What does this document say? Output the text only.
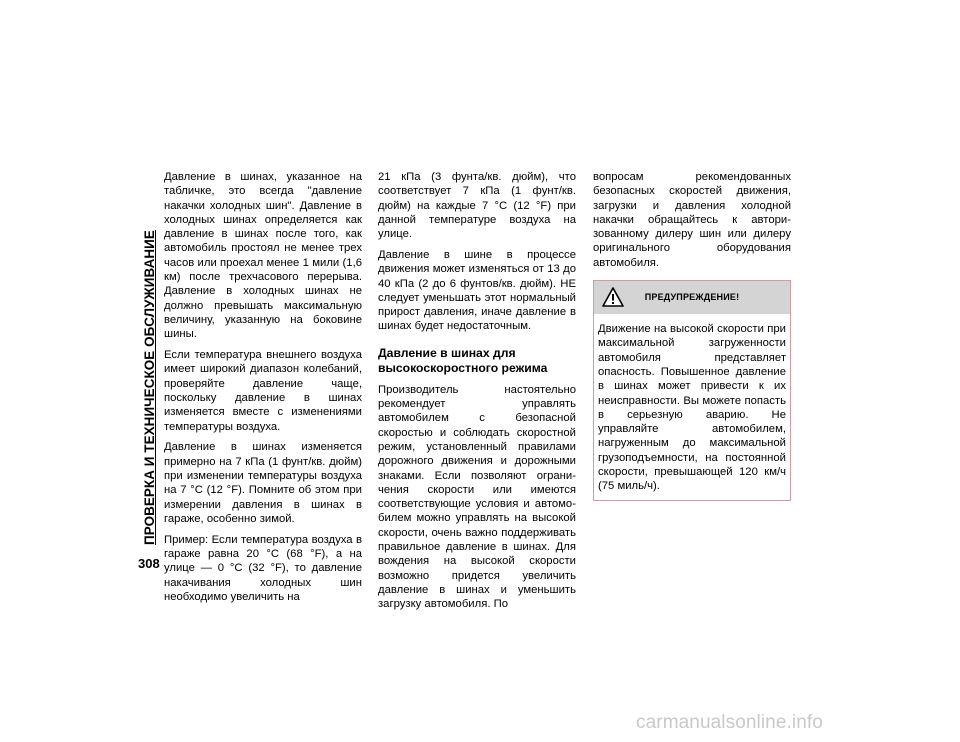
ПРОВЕРКА И ТЕХНИЧЕСКОЕ ОБСЛУЖИВАНИЕ
308

Давление в шинах, указанное на табличке, это всегда "давление накачки холодных шин". Давление в холодных шинах определяется как давление в шинах после того, как автомобиль простоял не менее трех часов или проехал менее 1 мили (1,6 км) после трехчасового перерыва. Давление в холодных шинах не должно превышать максимальную величину, указанную на боковине шины.

Если температура внешнего воздуха имеет широкий диапазон колебаний, проверяйте давление чаще, поскольку давление в шинах изменяется вместе с изменениями температуры воздуха.

Давление в шинах изменяется примерно на 7 кПа (1 фунт/кв. дюйм) при изменении температуры воздуха на 7 °C (12 °F). Помните об этом при измерении давления в шинах в гараже, особенно зимой.

Пример: Если температура воздуха в гараже равна 20 °C (68 °F), а на улице — 0 °C (32 °F), то давление накачивания холодных шин необходимо увеличить на

21 кПа (3 фунта/кв. дюйм), что соответствует 7 кПа (1 фунт/кв. дюйм) на каждые 7 °C (12 °F) при данной температуре воздуха на улице.

Давление в шине в процессе движения может изменяться от 13 до 40 кПа (2 до 6 фунтов/кв. дюйм). НЕ следует уменьшать этот нормальный прирост давления, иначе давление в шинах будет недостаточным.

Давление в шинах для высокоскоростного режима

Производитель настоятельно рекомендует управлять автомобилем с безопасной скоростью и соблюдать скоростной режим, установленный правилами дорожного движения и дорожными знаками. Если позволяют ограничения скорости или имеются соответствующие условия и автомобилем можно управлять на высокой скорости, очень важно поддерживать правильное давление в шинах. Для вождения на высокой скорости возможно придется увеличить давление в шинах и уменьшить загрузку автомобиля. По

вопросам рекомендованных безопасных скоростей движения, загрузки и давления холодной накачки обращайтесь к авторизованному дилеру шин или дилеру оригинального оборудования автомобиля.

ПРЕДУПРЕЖДЕНИЕ!
Движение на высокой скорости при максимальной загруженности автомобиля представляет опасность. Повышенное давление в шинах может привести к их неисправности. Вы можете попасть в серьезную аварию. Не управляйте автомобилем, нагруженным до максимальной грузоподъемности, на постоянной скорости, превышающей 120 км/ч (75 миль/ч).
carmanualsonline.info
